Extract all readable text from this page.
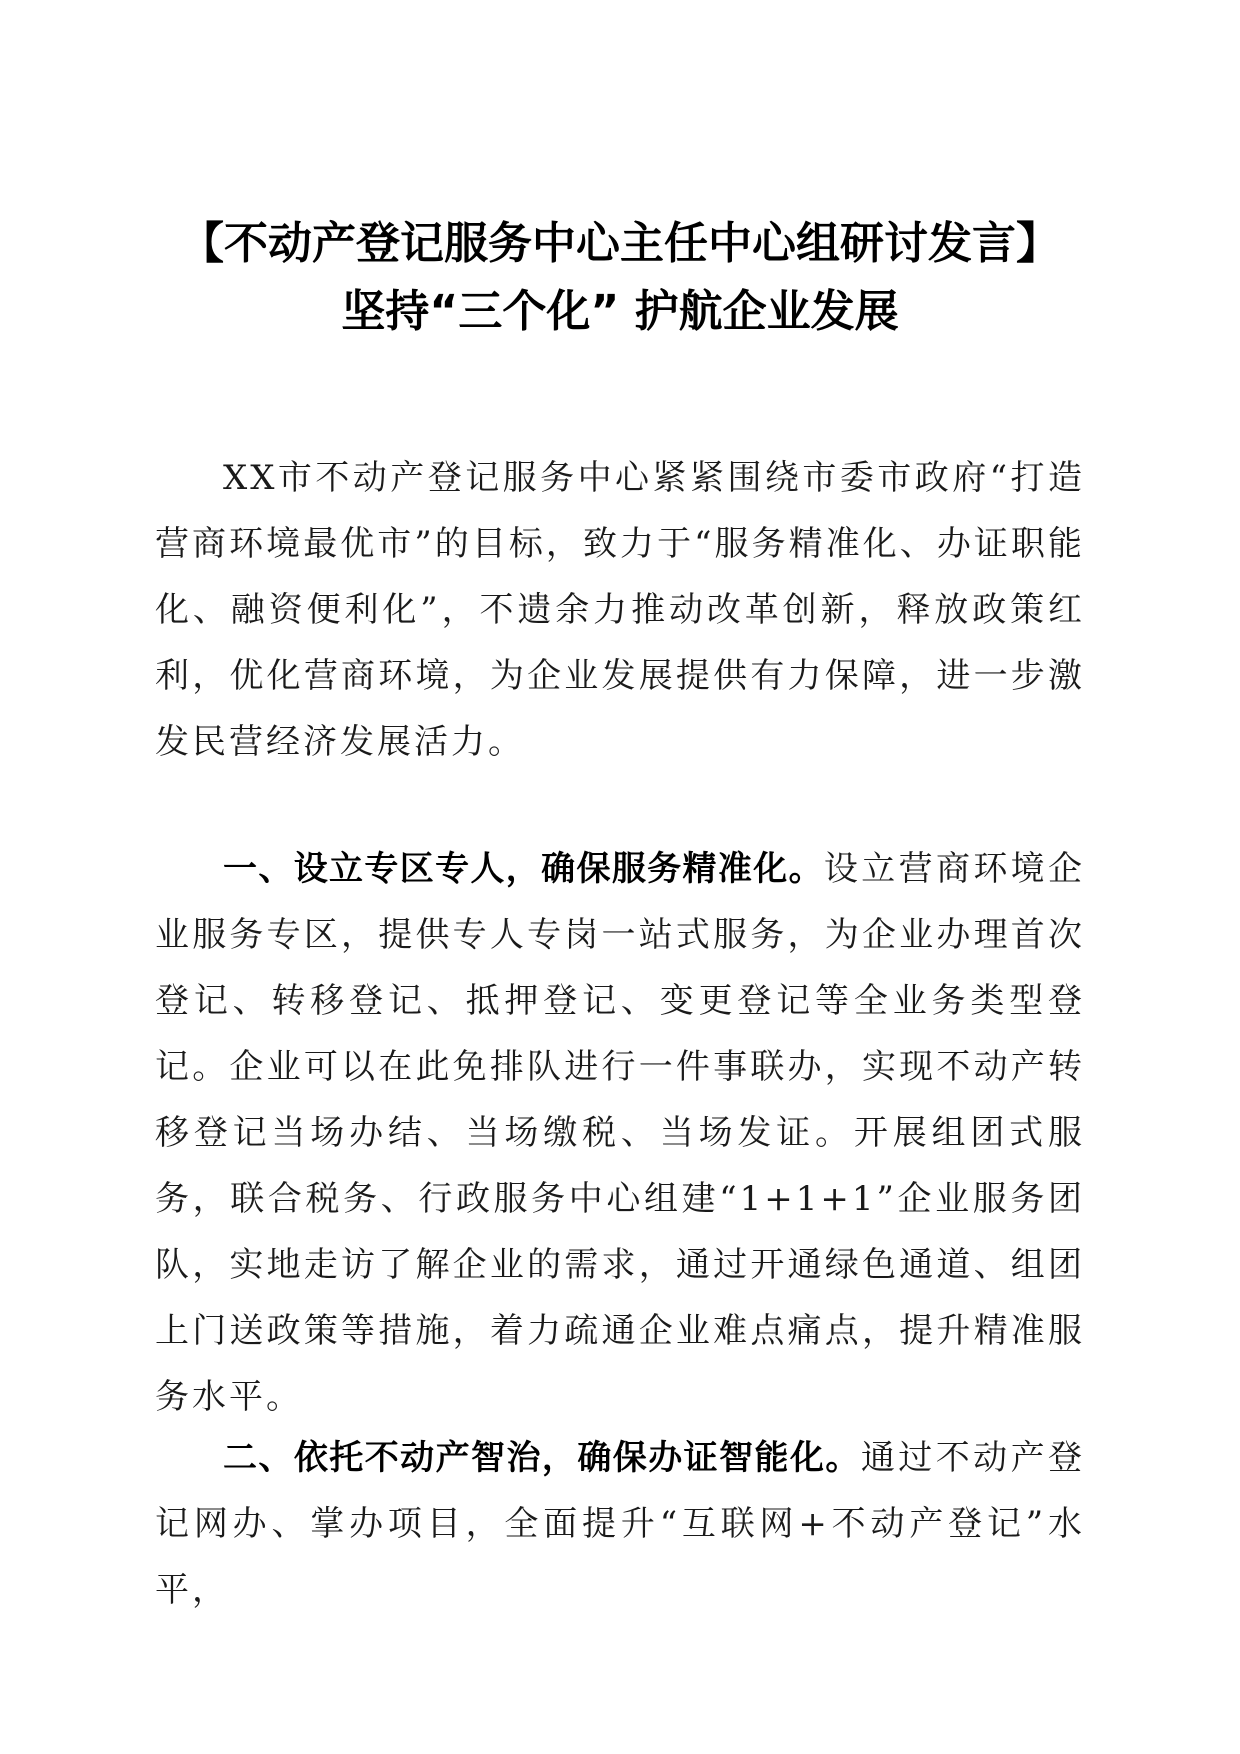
【不动产登记服务中心主任中心组研讨发言】
坚持“三个化” 护航企业发展

XX市不动产登记服务中心紧紧围绕市委市政府“打造营商环境最优市”的目标，致力于“服务精准化、办证职能化、融资便利化”，不遗余力推动改革创新，释放政策红利，优化营商环境，为企业发展提供有力保障，进一步激发民营经济发展活力。

一、设立专区专人，确保服务精准化。设立营商环境企业服务专区，提供专人专岗一站式服务，为企业办理首次登记、转移登记、抵押登记、变更登记等全业务类型登记。企业可以在此免排队进行一件事联办，实现不动产转移登记当场办结、当场缴税、当场发证。开展组团式服务，联合税务、行政服务中心组建“1+1+1”企业服务团队，实地走访了解企业的需求，通过开通绿色通道、组团上门送政策等措施，着力疏通企业难点痛点，提升精准服务水平。

二、依托不动产智治，确保办证智能化。通过不动产登记网办、掌办项目，全面提升“互联网+不动产登记”水平，
